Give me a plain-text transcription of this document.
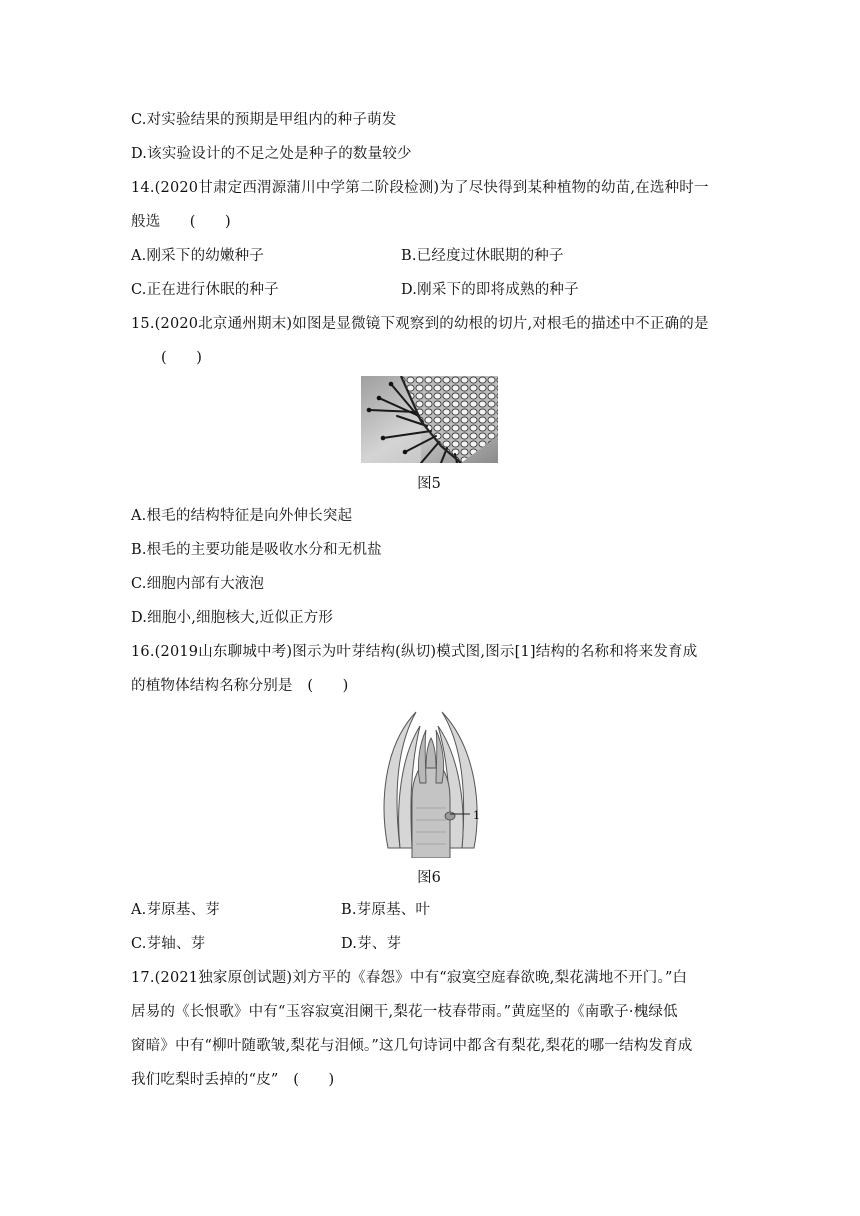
C.对实验结果的预期是甲组内的种子萌发
D.该实验设计的不足之处是种子的数量较少
14.(2020甘肃定西渭源蒲川中学第二阶段检测)为了尽快得到某种植物的幼苗,在选种时一
般选　　(　　)
A.刚采下的幼嫩种子	B.已经度过休眠期的种子
C.正在进行休眠的种子	D.刚采下的即将成熟的种子
15.(2020北京通州期末)如图是显微镜下观察到的幼根的切片,对根毛的描述中不正确的是
(　　)
图5
A.根毛的结构特征是向外伸长突起
B.根毛的主要功能是吸收水分和无机盐
C.细胞内部有大液泡
D.细胞小,细胞核大,近似正方形
16.(2019山东聊城中考)图示为叶芽结构(纵切)模式图,图示[1]结构的名称和将来发育成
的植物体结构名称分别是　(　　)
1
图6
A.芽原基、芽	B.芽原基、叶
C.芽轴、芽	D.芽、芽
17.(2021独家原创试题)刘方平的《春怨》中有“寂寞空庭春欲晚,梨花满地不开门。”白
居易的《长恨歌》中有“玉容寂寞泪阑干,梨花一枝春带雨。”黄庭坚的《南歌子·槐绿低
窗暗》中有“柳叶随歌皱,梨花与泪倾。”这几句诗词中都含有梨花,梨花的哪一结构发育成
我们吃梨时丢掉的“皮”　(　　)
